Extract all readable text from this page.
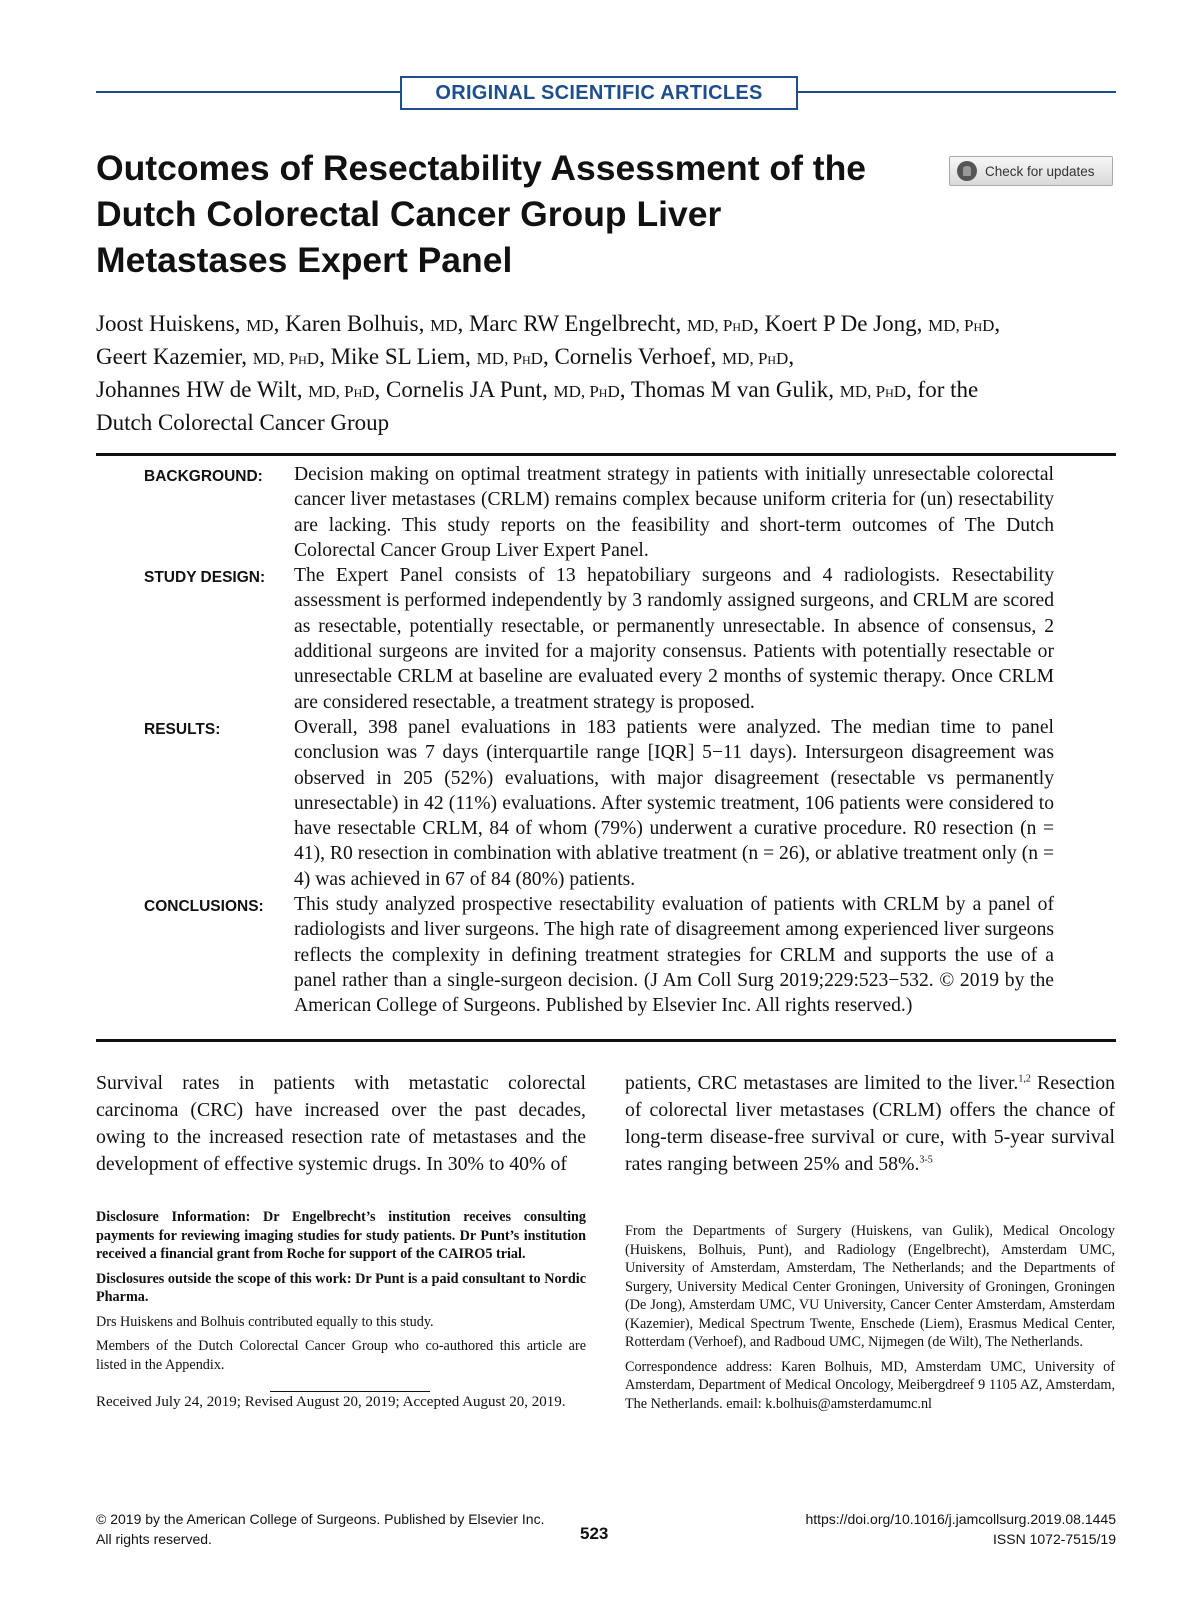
ORIGINAL SCIENTIFIC ARTICLES
Outcomes of Resectability Assessment of the Dutch Colorectal Cancer Group Liver Metastases Expert Panel
Check for updates
Joost Huiskens, MD, Karen Bolhuis, MD, Marc RW Engelbrecht, MD, PhD, Koert P De Jong, MD, PhD,
Geert Kazemier, MD, PhD, Mike SL Liem, MD, PhD, Cornelis Verhoef, MD, PhD,
Johannes HW de Wilt, MD, PhD, Cornelis JA Punt, MD, PhD, Thomas M van Gulik, MD, PhD, for the
Dutch Colorectal Cancer Group
BACKGROUND:	Decision making on optimal treatment strategy in patients with initially unresectable colorectal cancer liver metastases (CRLM) remains complex because uniform criteria for (un) resectability are lacking. This study reports on the feasibility and short-term outcomes of The Dutch Colorectal Cancer Group Liver Expert Panel.
STUDY DESIGN:	The Expert Panel consists of 13 hepatobiliary surgeons and 4 radiologists. Resectability assessment is performed independently by 3 randomly assigned surgeons, and CRLM are scored as resectable, potentially resectable, or permanently unresectable. In absence of consensus, 2 additional surgeons are invited for a majority consensus. Patients with potentially resectable or unresectable CRLM at baseline are evaluated every 2 months of systemic therapy. Once CRLM are considered resectable, a treatment strategy is proposed.
RESULTS:	Overall, 398 panel evaluations in 183 patients were analyzed. The median time to panel conclusion was 7 days (interquartile range [IQR] 5−11 days). Intersurgeon disagreement was observed in 205 (52%) evaluations, with major disagreement (resectable vs permanently unresectable) in 42 (11%) evaluations. After systemic treatment, 106 patients were considered to have resectable CRLM, 84 of whom (79%) underwent a curative procedure. R0 resection (n = 41), R0 resection in combination with ablative treatment (n = 26), or ablative treatment only (n = 4) was achieved in 67 of 84 (80%) patients.
CONCLUSIONS:	This study analyzed prospective resectability evaluation of patients with CRLM by a panel of radiologists and liver surgeons. The high rate of disagreement among experienced liver surgeons reflects the complexity in defining treatment strategies for CRLM and supports the use of a panel rather than a single-surgeon decision. (J Am Coll Surg 2019;229:523−532. © 2019 by the American College of Surgeons. Published by Elsevier Inc. All rights reserved.)

Survival rates in patients with metastatic colorectal carcinoma (CRC) have increased over the past decades, owing to the increased resection rate of metastases and the development of effective systemic drugs. In 30% to 40% of

patients, CRC metastases are limited to the liver.$^{1,2}$ Resection of colorectal liver metastases (CRLM) offers the chance of long-term disease-free survival or cure, with 5-year survival rates ranging between 25% and 58%.$^{3-5}$

Disclosure Information: Dr Engelbrecht’s institution receives consulting payments for reviewing imaging studies for study patients. Dr Punt’s institution received a financial grant from Roche for support of the CAIRO5 trial.

Disclosures outside the scope of this work: Dr Punt is a paid consultant to Nordic Pharma.

Drs Huiskens and Bolhuis contributed equally to this study.

Members of the Dutch Colorectal Cancer Group who co-authored this article are listed in the Appendix.

Received July 24, 2019; Revised August 20, 2019; Accepted August 20, 2019.

From the Departments of Surgery (Huiskens, van Gulik), Medical Oncology (Huiskens, Bolhuis, Punt), and Radiology (Engelbrecht), Amsterdam UMC, University of Amsterdam, Amsterdam, The Netherlands; and the Departments of Surgery, University Medical Center Groningen, University of Groningen, Groningen (De Jong), Amsterdam UMC, VU University, Cancer Center Amsterdam, Amsterdam (Kazemier), Medical Spectrum Twente, Enschede (Liem), Erasmus Medical Center, Rotterdam (Verhoef), and Radboud UMC, Nijmegen (de Wilt), The Netherlands.

Correspondence address: Karen Bolhuis, MD, Amsterdam UMC, University of Amsterdam, Department of Medical Oncology, Meibergdreef 9 1105 AZ, Amsterdam, The Netherlands. email: k.bolhuis@amsterdamumc.nl

© 2019 by the American College of Surgeons. Published by Elsevier Inc.
All rights reserved.	523
https://doi.org/10.1016/j.jamcollsurg.2019.08.1445
ISSN 1072-7515/19
